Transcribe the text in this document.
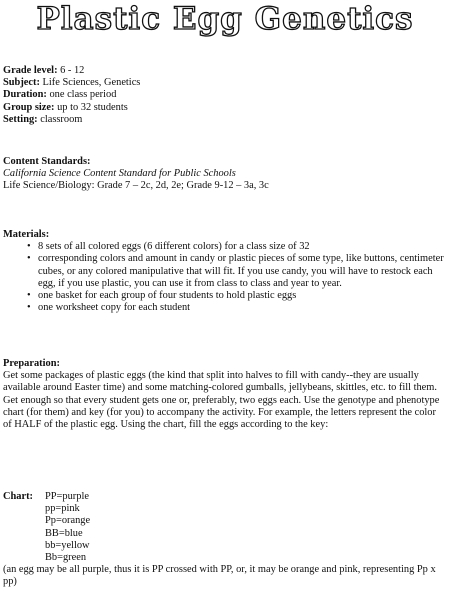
Plastic Egg Genetics
Grade level: 6 - 12
Subject: Life Sciences, Genetics
Duration: one class period
Group size: up to 32 students
Setting: classroom
Content Standards:
California Science Content Standard for Public Schools
Life Science/Biology: Grade 7 – 2c, 2d, 2e; Grade 9-12 – 3a, 3c
Materials:
• 8 sets of all colored eggs (6 different colors) for a class size of 32
• corresponding colors and amount in candy or plastic pieces of some type, like buttons, centimeter cubes, or any colored manipulative that will fit. If you use candy, you will have to restock each egg, if you use plastic, you can use it from class to class and year to year.
• one basket for each group of four students to hold plastic eggs
• one worksheet copy for each student
Preparation:
Get some packages of plastic eggs (the kind that split into halves to fill with candy--they are usually available around Easter time) and some matching-colored gumballs, jellybeans, skittles, etc. to fill them. Get enough so that every student gets one or, preferably, two eggs each. Use the genotype and phenotype chart (for them) and key (for you) to accompany the activity. For example, the letters represent the color of HALF of the plastic egg. Using the chart, fill the eggs according to the key:
Chart:	PP=purple
pp=pink
Pp=orange
BB=blue
bb=yellow
Bb=green
(an egg may be all purple, thus it is PP crossed with PP, or, it may be orange and pink, representing Pp x pp)
